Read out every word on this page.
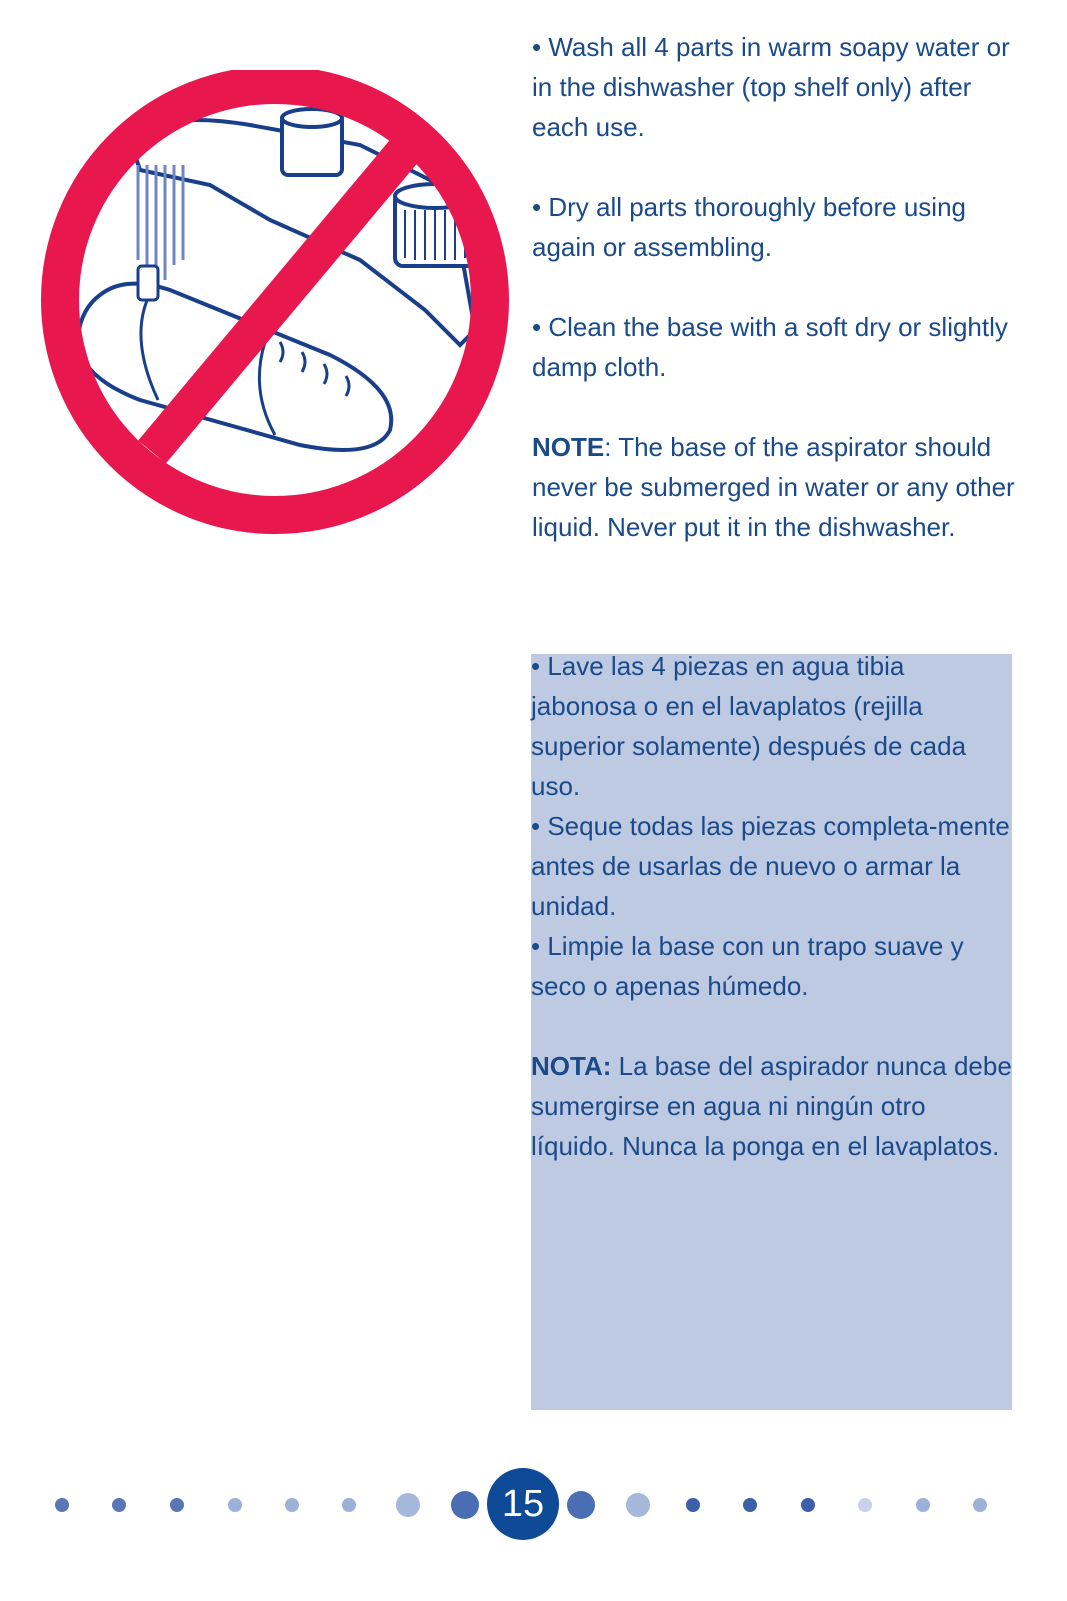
• Wash all 4 parts in warm soapy water or in the dishwasher (top shelf only) after each use.

• Dry all parts thoroughly before using again or assembling.

• Clean the base with a soft dry or slightly damp cloth.

NOTE: The base of the aspirator should never be submerged in water or any other liquid. Never put it in the dishwasher.

• Lave las 4 piezas en agua tibia jabonosa o en el lavaplatos (rejilla superior solamente) después de cada uso.

• Seque todas las piezas completa-mente antes de usarlas de nuevo o armar la unidad.

• Limpie la base con un trapo suave y seco o apenas húmedo.

NOTA: La base del aspirador nunca debe sumergirse en agua ni ningún otro líquido. Nunca la ponga en el lavaplatos.

15
